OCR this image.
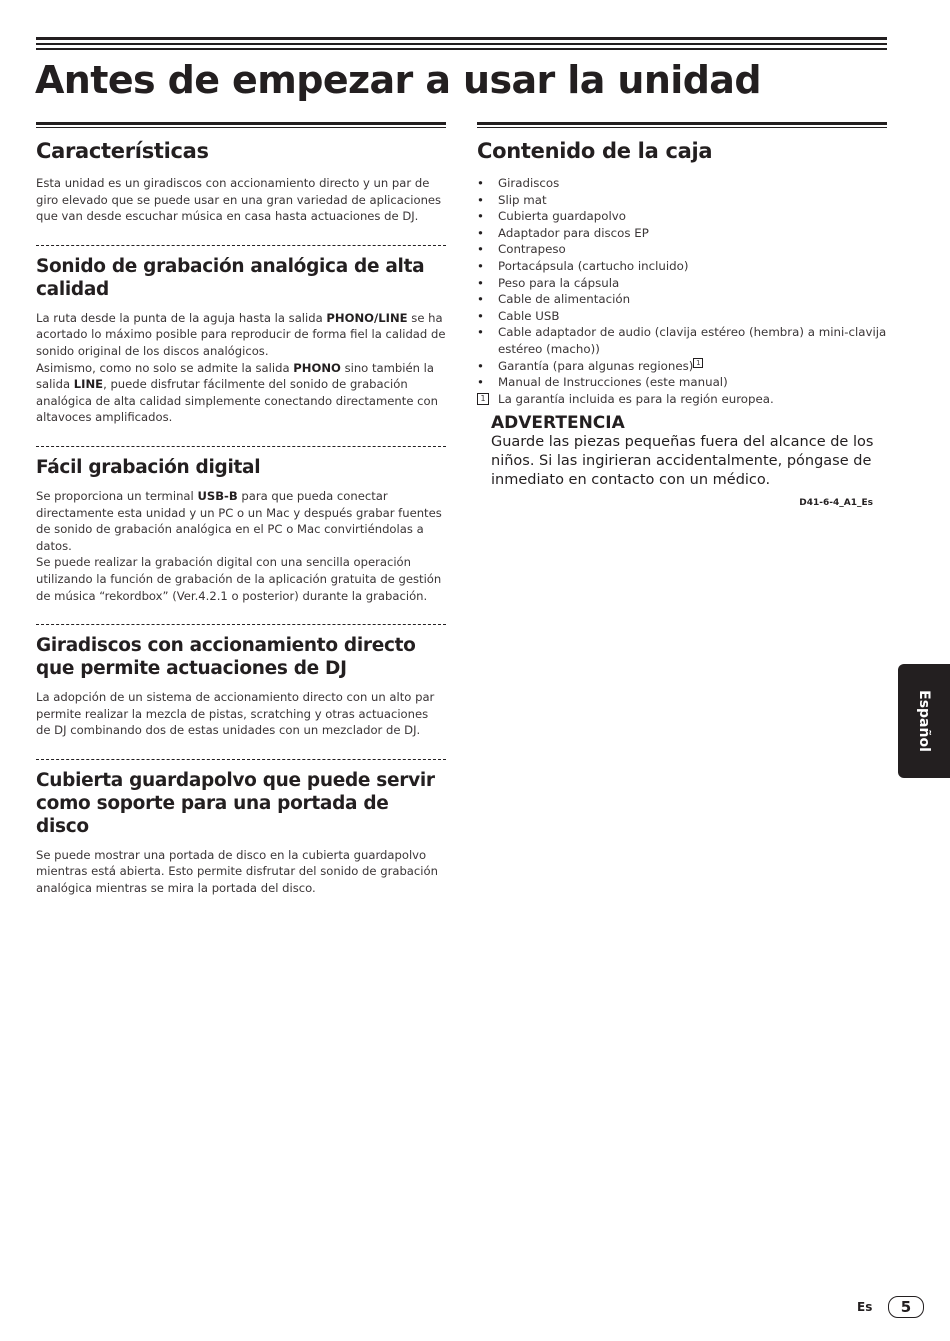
Antes de empezar a usar la unidad
Características

Esta unidad es un giradiscos con accionamiento directo y un par de giro elevado que se puede usar en una gran variedad de aplicaciones que van desde escuchar música en casa hasta actuaciones de DJ.

Sonido de grabación analógica de alta calidad

La ruta desde la punta de la aguja hasta la salida PHONO/LINE se ha acortado lo máximo posible para reproducir de forma fiel la calidad de sonido original de los discos analógicos.

Asimismo, como no solo se admite la salida PHONO sino también la salida LINE, puede disfrutar fácilmente del sonido de grabación analógica de alta calidad simplemente conectando directamente con altavoces amplificados.

Fácil grabación digital

Se proporciona un terminal USB-B para que pueda conectar directamente esta unidad y un PC o un Mac y después grabar fuentes de sonido de grabación analógica en el PC o Mac convirtiéndolas a datos.

Se puede realizar la grabación digital con una sencilla operación utilizando la función de grabación de la aplicación gratuita de gestión de música “rekordbox” (Ver.4.2.1 o posterior) durante la grabación.

Giradiscos con accionamiento directo que permite actuaciones de DJ

La adopción de un sistema de accionamiento directo con un alto par permite realizar la mezcla de pistas, scratching y otras actuaciones de DJ combinando dos de estas unidades con un mezclador de DJ.

Cubierta guardapolvo que puede servir como soporte para una portada de disco

Se puede mostrar una portada de disco en la cubierta guardapolvo mientras está abierta. Esto permite disfrutar del sonido de grabación analógica mientras se mira la portada del disco.

Contenido de la caja
• Giradiscos
• Slip mat
• Cubierta guardapolvo
• Adaptador para discos EP
• Contrapeso
• Portacápsula (cartucho incluido)
• Peso para la cápsula
• Cable de alimentación
• Cable USB
• Cable adaptador de audio (clavija estéreo (hembra) a mini-clavija estéreo (macho))
• Garantía (para algunas regiones) 1
• Manual de Instrucciones (este manual)
1 La garantía incluida es para la región europea.

ADVERTENCIA

Guarde las piezas pequeñas fuera del alcance de los niños. Si las ingirieran accidentalmente, póngase de inmediato en contacto con un médico.

D41-6-4_A1_Es
Español
Es	5
